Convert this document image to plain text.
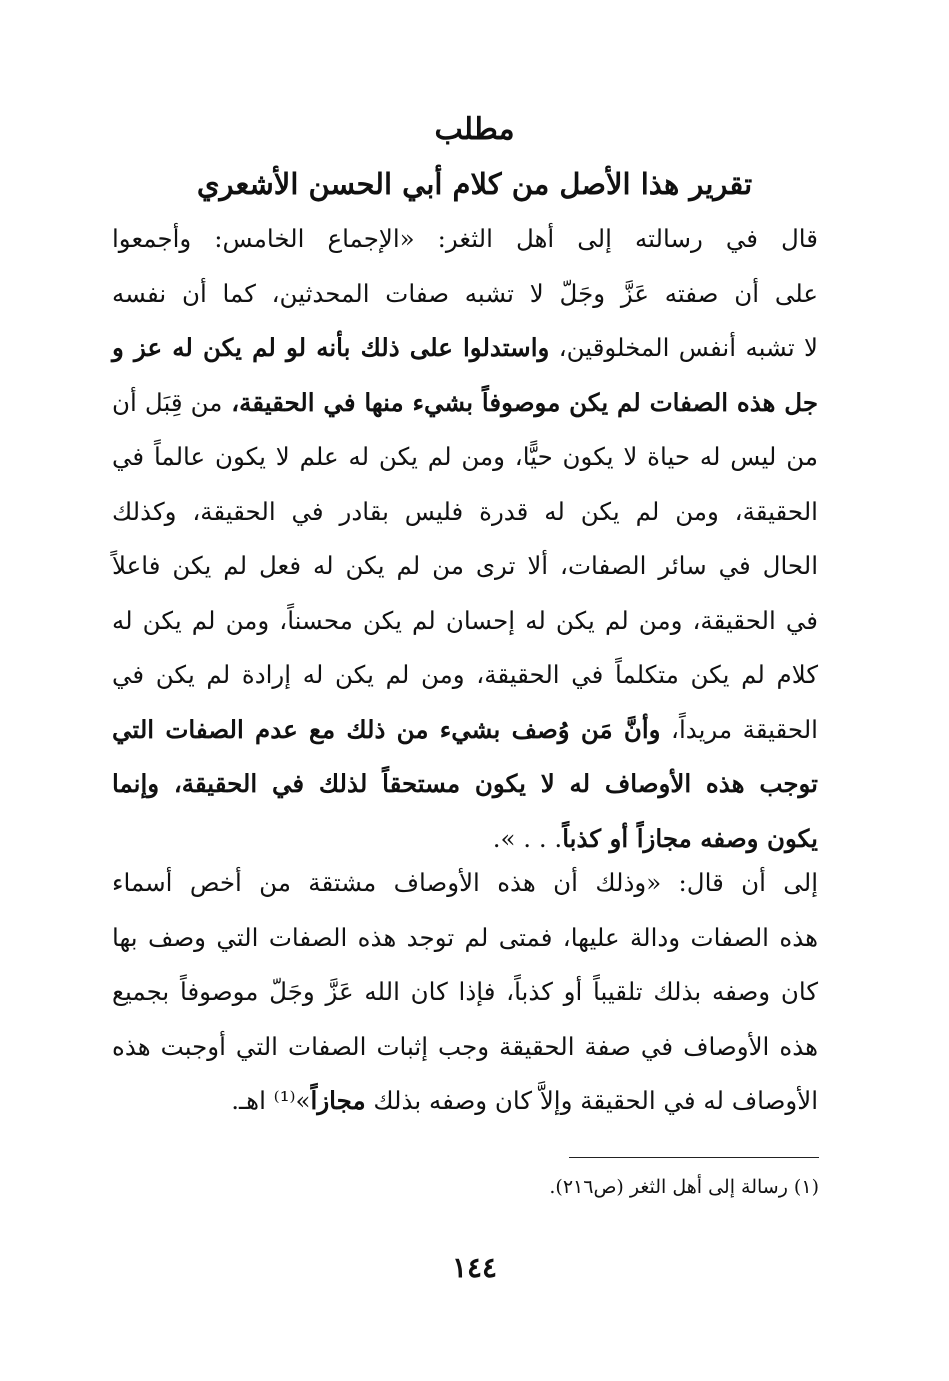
مطلب
تقرير هذا الأصل من كلام أبي الحسن الأشعري
قال في رسالته إلى أهل الثغر: «الإجماع الخامس: وأجمعوا
على أن صفته عَزَّ وجَلّ لا تشبه صفات المحدثين، كما أن نفسه
لا تشبه أنفس المخلوقين، واستدلوا على ذلك بأنه لو لم يكن له عز و
جل هذه الصفات لم يكن موصوفاً بشيء منها في الحقيقة، من قِبَل أن
من ليس له حياة لا يكون حيًّا، ومن لم يكن له علم لا يكون عالماً في
الحقيقة، ومن لم يكن له قدرة فليس بقادر في الحقيقة، وكذلك
الحال في سائر الصفات، ألا ترى من لم يكن له فعل لم يكن فاعلاً
في الحقيقة، ومن لم يكن له إحسان لم يكن محسناً، ومن لم يكن له
كلام لم يكن متكلماً في الحقيقة، ومن لم يكن له إرادة لم يكن في
الحقيقة مريداً، وأنَّ مَن وُصف بشيء من ذلك مع عدم الصفات التي
توجب هذه الأوصاف له لا يكون مستحقاً لذلك في الحقيقة، وإنما
يكون وصفه مجازاً أو كذباً. . . ».
إلى أن قال: «وذلك أن هذه الأوصاف مشتقة من أخص أسماء
هذه الصفات ودالة عليها، فمتى لم توجد هذه الصفات التي وصف بها
كان وصفه بذلك تلقيباً أو كذباً، فإذا كان الله عَزَّ وجَلّ موصوفاً بجميع
هذه الأوصاف في صفة الحقيقة وجب إثبات الصفات التي أوجبت هذه
الأوصاف له في الحقيقة وإلاَّ كان وصفه بذلك مجازاً»⁽¹⁾ اهـ.
(١) رسالة إلى أهل الثغر (ص٢١٦).
١٤٤
